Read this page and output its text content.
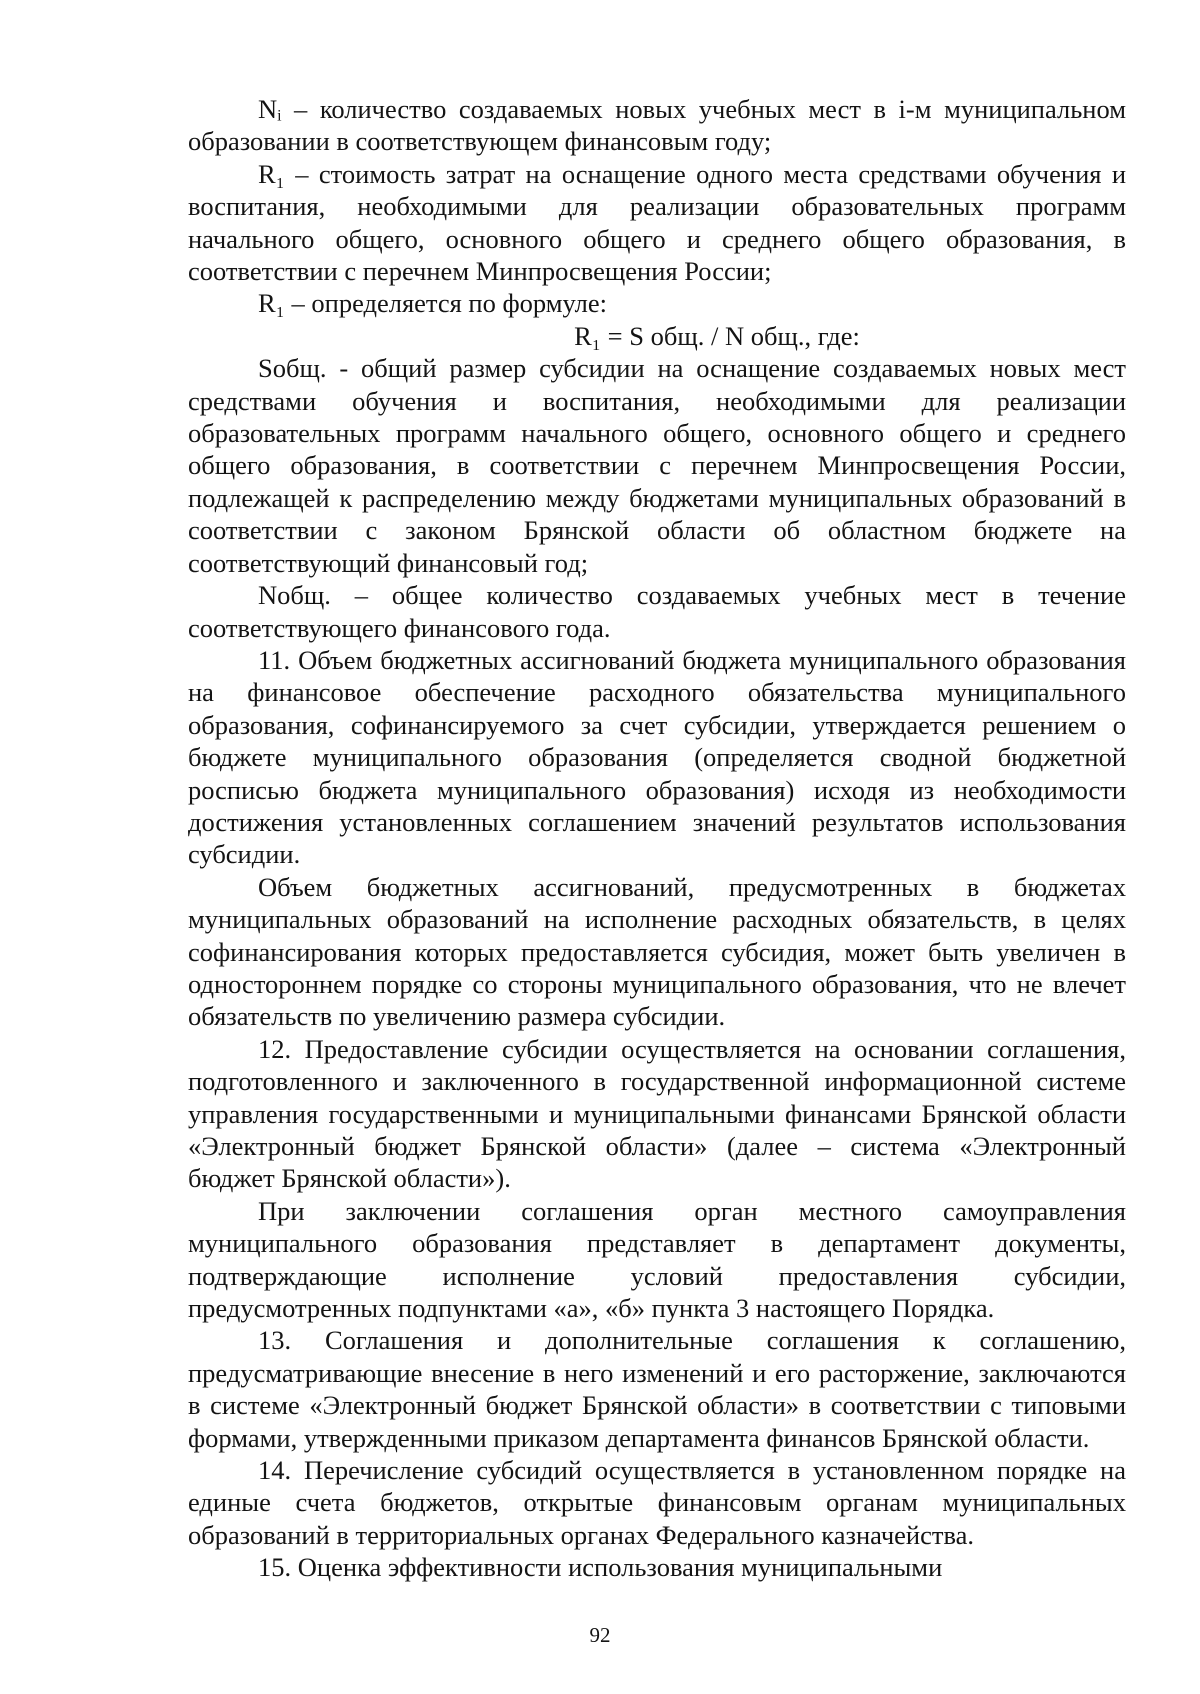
Nᵢ – количество создаваемых новых учебных мест в i-м муниципальном образовании в соответствующем финансовым году;

R₁ – стоимость затрат на оснащение одного места средствами обучения и воспитания, необходимыми для реализации образовательных программ начального общего, основного общего и среднего общего образования, в соответствии с перечнем Минпросвещения России;

R₁ – определяется по формуле:

R₁ = S общ. / N общ., где:

Sобщ. - общий размер субсидии на оснащение создаваемых новых мест средствами обучения и воспитания, необходимыми для реализации образовательных программ начального общего, основного общего и среднего общего образования, в соответствии с перечнем Минпросвещения России, подлежащей к распределению между бюджетами муниципальных образований в соответствии с законом Брянской области об областном бюджете на соответствующий финансовый год;

Nобщ. – общее количество создаваемых учебных мест в течение соответствующего финансового года.

11. Объем бюджетных ассигнований бюджета муниципального образования на финансовое обеспечение расходного обязательства муниципального образования, софинансируемого за счет субсидии, утверждается решением о бюджете муниципального образования (определяется сводной бюджетной росписью бюджета муниципального образования) исходя из необходимости достижения установленных соглашением значений результатов использования субсидии.

Объем бюджетных ассигнований, предусмотренных в бюджетах муниципальных образований на исполнение расходных обязательств, в целях софинансирования которых предоставляется субсидия, может быть увеличен в одностороннем порядке со стороны муниципального образования, что не влечет обязательств по увеличению размера субсидии.

12. Предоставление субсидии осуществляется на основании соглашения, подготовленного и заключенного в государственной информационной системе управления государственными и муниципальными финансами Брянской области «Электронный бюджет Брянской области» (далее – система «Электронный бюджет Брянской области»).

При заключении соглашения орган местного самоуправления муниципального образования представляет в департамент документы, подтверждающие исполнение условий предоставления субсидии, предусмотренных подпунктами «а», «б» пункта 3 настоящего Порядка.

13. Соглашения и дополнительные соглашения к соглашению, предусматривающие внесение в него изменений и его расторжение, заключаются в системе «Электронный бюджет Брянской области» в соответствии с типовыми формами, утвержденными приказом департамента финансов Брянской области.

14. Перечисление субсидий осуществляется в установленном порядке на единые счета бюджетов, открытые финансовым органам муниципальных образований в территориальных органах Федерального казначейства.

15. Оценка эффективности использования муниципальными

92
